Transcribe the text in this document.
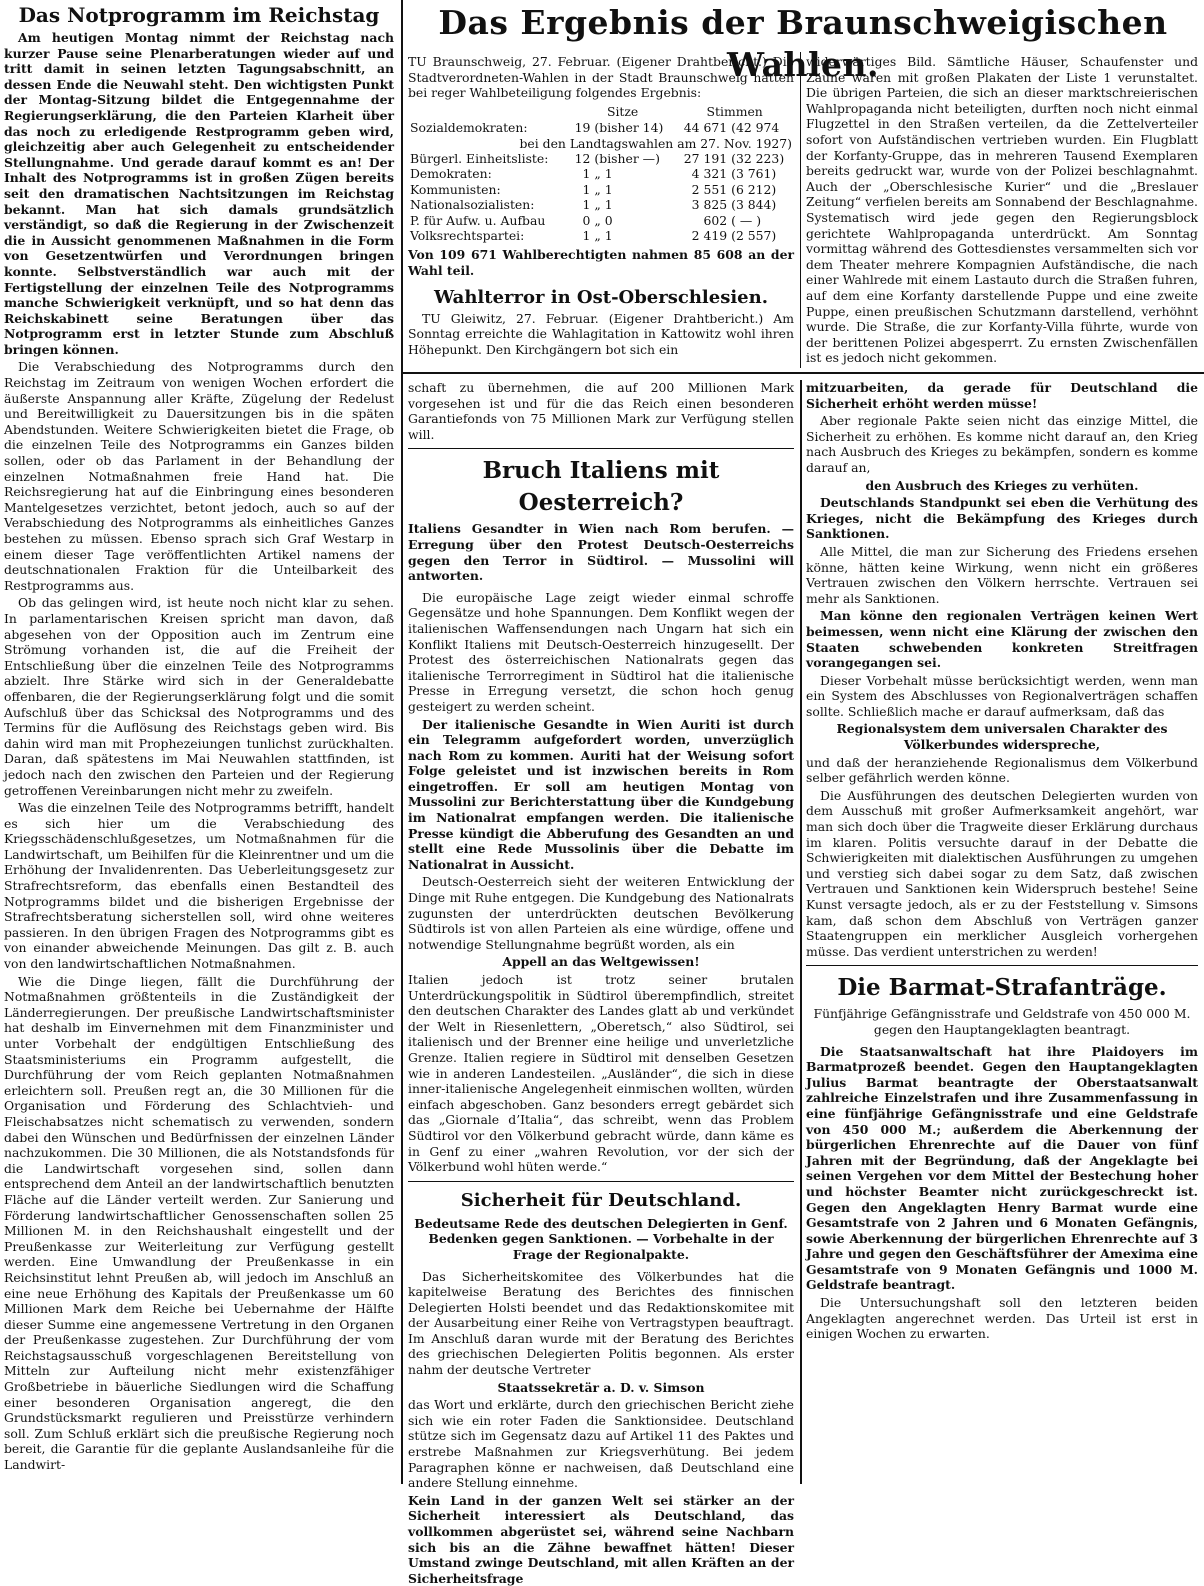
Das Notprogramm im Reichstag

Am heutigen Montag nimmt der Reichstag nach kurzer Pause seine Plenarberatungen wieder auf und tritt damit in seinen letzten Tagungsabschnitt, an dessen Ende die Neuwahl steht. Den wichtigsten Punkt der Montag-Sitzung bildet die Entgegennahme der Regierungserklärung, die den Parteien Klarheit über das noch zu erledigende Restprogramm geben wird, gleichzeitig aber auch Gelegenheit zu entscheidender Stellungnahme. Und gerade darauf kommt es an! Der Inhalt des Notprogramms ist in großen Zügen bereits seit den dramatischen Nachtsitzungen im Reichstag bekannt. Man hat sich damals grundsätzlich verständigt, so daß die Regierung in der Zwischenzeit die in Aussicht genommenen Maßnahmen in die Form von Gesetzentwürfen und Verordnungen bringen konnte. Selbstverständlich war auch mit der Fertigstellung der einzelnen Teile des Notprogramms manche Schwierigkeit verknüpft, und so hat denn das Reichskabinett seine Beratungen über das Notprogramm erst in letzter Stunde zum Abschluß bringen können.

Die Verabschiedung des Notprogramms durch den Reichstag im Zeitraum von wenigen Wochen erfordert die äußerste Anspannung aller Kräfte, Zügelung der Redelust und Bereitwilligkeit zu Dauersitzungen bis in die späten Abendstunden. Weitere Schwierigkeiten bietet die Frage, ob die einzelnen Teile des Notprogramms ein Ganzes bilden sollen, oder ob das Parlament in der Behandlung der einzelnen Notmaßnahmen freie Hand hat. Die Reichsregierung hat auf die Einbringung eines besonderen Mantelgesetzes verzichtet, betont jedoch, auch so auf der Verabschiedung des Notprogramms als einheitliches Ganzes bestehen zu müssen. Ebenso sprach sich Graf Westarp in einem dieser Tage veröffentlichten Artikel namens der deutschnationalen Fraktion für die Unteilbarkeit des Restprogramms aus.

Ob das gelingen wird, ist heute noch nicht klar zu sehen. In parlamentarischen Kreisen spricht man davon, daß abgesehen von der Opposition auch im Zentrum eine Strömung vorhanden ist, die auf die Freiheit der Entschließung über die einzelnen Teile des Notprogramms abzielt. Ihre Stärke wird sich in der Generaldebatte offenbaren, die der Regierungserklärung folgt und die somit Aufschluß über das Schicksal des Notprogramms und des Termins für die Auflösung des Reichstags geben wird. Bis dahin wird man mit Prophezeiungen tunlichst zurückhalten. Daran, daß spätestens im Mai Neuwahlen stattfinden, ist jedoch nach den zwischen den Parteien und der Regierung getroffenen Vereinbarungen nicht mehr zu zweifeln.

Was die einzelnen Teile des Notprogramms betrifft, handelt es sich hier um die Verabschiedung des Kriegsschädenschlußgesetzes, um Notmaßnahmen für die Landwirtschaft, um Beihilfen für die Kleinrentner und um die Erhöhung der Invalidenrenten. Das Ueberleitungsgesetz zur Strafrechtsreform, das ebenfalls einen Bestandteil des Notprogramms bildet und die bisherigen Ergebnisse der Strafrechtsberatung sicherstellen soll, wird ohne weiteres passieren. In den übrigen Fragen des Notprogramms gibt es von einander abweichende Meinungen. Das gilt z. B. auch von den landwirtschaftlichen Notmaßnahmen.

Wie die Dinge liegen, fällt die Durchführung der Notmaßnahmen größtenteils in die Zuständigkeit der Länderregierungen. Der preußische Landwirtschaftsminister hat deshalb im Einvernehmen mit dem Finanzminister und unter Vorbehalt der endgültigen Entschließung des Staatsministeriums ein Programm aufgestellt, die Durchführung der vom Reich geplanten Notmaßnahmen erleichtern soll. Preußen regt an, die 30 Millionen für die Organisation und Förderung des Schlachtvieh- und Fleischabsatzes nicht schematisch zu verwenden, sondern dabei den Wünschen und Bedürfnissen der einzelnen Länder nachzukommen. Die 30 Millionen, die als Notstandsfonds für die Landwirtschaft vorgesehen sind, sollen dann entsprechend dem Anteil an der landwirtschaftlich benutzten Fläche auf die Länder verteilt werden. Zur Sanierung und Förderung landwirtschaftlicher Genossenschaften sollen 25 Millionen M. in den Reichshaushalt eingestellt und der Preußenkasse zur Weiterleitung zur Verfügung gestellt werden. Eine Umwandlung der Preußenkasse in ein Reichsinstitut lehnt Preußen ab, will jedoch im Anschluß an eine neue Erhöhung des Kapitals der Preußenkasse um 60 Millionen Mark dem Reiche bei Uebernahme der Hälfte dieser Summe eine angemessene Vertretung in den Organen der Preußenkasse zugestehen. Zur Durchführung der vom Reichstagsausschuß vorgeschlagenen Bereitstellung von Mitteln zur Aufteilung nicht mehr existenzfähiger Großbetriebe in bäuerliche Siedlungen wird die Schaffung einer besonderen Organisation angeregt, die den Grundstücksmarkt regulieren und Preisstürze verhindern soll. Zum Schluß erklärt sich die preußische Regierung noch bereit, die Garantie für die geplante Auslandsanleihe für die Landwirt-

Das Ergebnis der Braunschweigischen Wahlen.

TU Braunschweig, 27. Februar. (Eigener Drahtbericht.) Die Stadtverordneten-Wahlen in der Stadt Braunschweig hatten bei reger Wahlbeteiligung folgendes Ergebnis:

	Sitze		Stimmen	
Sozialdemokraten:	19	(bisher 14)	44 671	(42 974
bei den Landtagswahlen am 27. Nov. 1927)				
Bürgerl. Einheitsliste:	12	(bisher —)	27 191	(32 223)
Demokraten:	1	„ 1	4 321	(3 761)
Kommunisten:	1	„ 1	2 551	(6 212)
Nationalsozialisten:	1	„ 1	3 825	(3 844)
P. für Aufw. u. Aufbau	0	„ 0	602	( — )
Volksrechtspartei:	1	„ 1	2 419	(2 557)

Von 109 671 Wahlberechtigten nahmen 85 608 an der Wahl teil.

Wahlterror in Ost-Oberschlesien.

TU Gleiwitz, 27. Februar. (Eigener Drahtbericht.) Am Sonntag erreichte die Wahlagitation in Kattowitz wohl ihren Höhepunkt. Den Kirchgängern bot sich ein

widerwärtiges Bild. Sämtliche Häuser, Schaufenster und Zäune waren mit großen Plakaten der Liste 1 verunstaltet. Die übrigen Parteien, die sich an dieser marktschreierischen Wahlpropaganda nicht beteiligten, durften noch nicht einmal Flugzettel in den Straßen verteilen, da die Zettelverteiler sofort von Aufständischen vertrieben wurden. Ein Flugblatt der Korfanty-Gruppe, das in mehreren Tausend Exemplaren bereits gedruckt war, wurde von der Polizei beschlagnahmt. Auch der „Oberschlesische Kurier“ und die „Breslauer Zeitung“ verfielen bereits am Sonnabend der Beschlagnahme. Systematisch wird jede gegen den Regierungsblock gerichtete Wahlpropaganda unterdrückt. Am Sonntag vormittag während des Gottesdienstes versammelten sich vor dem Theater mehrere Kompagnien Aufständische, die nach einer Wahlrede mit einem Lastauto durch die Straßen fuhren, auf dem eine Korfanty darstellende Puppe und eine zweite Puppe, einen preußischen Schutzmann darstellend, verhöhnt wurde. Die Straße, die zur Korfanty-Villa führte, wurde von der berittenen Polizei abgesperrt. Zu ernsten Zwischenfällen ist es jedoch nicht gekommen.

schaft zu übernehmen, die auf 200 Millionen Mark vorgesehen ist und für die das Reich einen besonderen Garantiefonds von 75 Millionen Mark zur Verfügung stellen will.

Bruch Italiens mit Oesterreich?
Italiens Gesandter in Wien nach Rom berufen. — Erregung über den Protest Deutsch-Oesterreichs gegen den Terror in Südtirol. — Mussolini will antworten.

Die europäische Lage zeigt wieder einmal schroffe Gegensätze und hohe Spannungen. Dem Konflikt wegen der italienischen Waffensendungen nach Ungarn hat sich ein Konflikt Italiens mit Deutsch-Oesterreich hinzugesellt. Der Protest des österreichischen Nationalrats gegen das italienische Terrorregiment in Südtirol hat die italienische Presse in Erregung versetzt, die schon hoch genug gesteigert zu werden scheint.

Der italienische Gesandte in Wien Auriti ist durch ein Telegramm aufgefordert worden, unverzüglich nach Rom zu kommen. Auriti hat der Weisung sofort Folge geleistet und ist inzwischen bereits in Rom eingetroffen. Er soll am heutigen Montag von Mussolini zur Berichterstattung über die Kundgebung im Nationalrat empfangen werden. Die italienische Presse kündigt die Abberufung des Gesandten an und stellt eine Rede Mussolinis über die Debatte im Nationalrat in Aussicht.

Deutsch-Oesterreich sieht der weiteren Entwicklung der Dinge mit Ruhe entgegen. Die Kundgebung des Nationalrats zugunsten der unterdrückten deutschen Bevölkerung Südtirols ist von allen Parteien als eine würdige, offene und notwendige Stellungnahme begrüßt worden, als ein

Appell an das Weltgewissen!

Italien jedoch ist trotz seiner brutalen Unterdrückungspolitik in Südtirol überempfindlich, streitet den deutschen Charakter des Landes glatt ab und verkündet der Welt in Riesenlettern, „Oberetsch,“ also Südtirol, sei italienisch und der Brenner eine heilige und unverletzliche Grenze. Italien regiere in Südtirol mit denselben Gesetzen wie in anderen Landesteilen. „Ausländer“, die sich in diese inner-italienische Angelegenheit einmischen wollten, würden einfach abgeschoben. Ganz besonders erregt gebärdet sich das „Giornale d’Italia“, das schreibt, wenn das Problem Südtirol vor den Völkerbund gebracht würde, dann käme es in Genf zu einer „wahren Revolution, vor der sich der Völkerbund wohl hüten werde.“

Sicherheit für Deutschland.
Bedeutsame Rede des deutschen Delegierten in Genf. Bedenken gegen Sanktionen. — Vorbehalte in der Frage der Regionalpakte.

Das Sicherheitskomitee des Völkerbundes hat die kapitelweise Beratung des Berichtes des finnischen Delegierten Holsti beendet und das Redaktionskomitee mit der Ausarbeitung einer Reihe von Vertragstypen beauftragt. Im Anschluß daran wurde mit der Beratung des Berichtes des griechischen Delegierten Politis begonnen. Als erster nahm der deutsche Vertreter

Staatssekretär a. D. v. Simson

das Wort und erklärte, durch den griechischen Bericht ziehe sich wie ein roter Faden die Sanktionsidee. Deutschland stütze sich im Gegensatz dazu auf Artikel 11 des Paktes und erstrebe Maßnahmen zur Kriegsverhütung. Bei jedem Paragraphen könne er nachweisen, daß Deutschland eine andere Stellung einnehme.

Kein Land in der ganzen Welt sei stärker an der Sicherheit interessiert als Deutschland, das vollkommen abgerüstet sei, während seine Nachbarn sich bis an die Zähne bewaffnet hätten! Dieser Umstand zwinge Deutschland, mit allen Kräften an der Sicherheitsfrage

mitzuarbeiten, da gerade für Deutschland die Sicherheit erhöht werden müsse!

Aber regionale Pakte seien nicht das einzige Mittel, die Sicherheit zu erhöhen. Es komme nicht darauf an, den Krieg nach Ausbruch des Krieges zu bekämpfen, sondern es komme darauf an,

den Ausbruch des Krieges zu verhüten.

Deutschlands Standpunkt sei eben die Verhütung des Krieges, nicht die Bekämpfung des Krieges durch Sanktionen.

Alle Mittel, die man zur Sicherung des Friedens ersehen könne, hätten keine Wirkung, wenn nicht ein größeres Vertrauen zwischen den Völkern herrschte. Vertrauen sei mehr als Sanktionen.

Man könne den regionalen Verträgen keinen Wert beimessen, wenn nicht eine Klärung der zwischen den Staaten schwebenden konkreten Streitfragen vorangegangen sei.

Dieser Vorbehalt müsse berücksichtigt werden, wenn man ein System des Abschlusses von Regionalverträgen schaffen sollte. Schließlich mache er darauf aufmerksam, daß das

Regionalsystem dem universalen Charakter des Völkerbundes widerspreche,

und daß der heranziehende Regionalismus dem Völkerbund selber gefährlich werden könne.

Die Ausführungen des deutschen Delegierten wurden von dem Ausschuß mit großer Aufmerksamkeit angehört, war man sich doch über die Tragweite dieser Erklärung durchaus im klaren. Politis versuchte darauf in der Debatte die Schwierigkeiten mit dialektischen Ausführungen zu umgehen und verstieg sich dabei sogar zu dem Satz, daß zwischen Vertrauen und Sanktionen kein Widerspruch bestehe! Seine Kunst versagte jedoch, als er zu der Feststellung v. Simsons kam, daß schon dem Abschluß von Verträgen ganzer Staatengruppen ein merklicher Ausgleich vorhergehen müsse. Das verdient unterstrichen zu werden!

Die Barmat-Strafanträge.
Fünfjährige Gefängnisstrafe und Geldstrafe von 450 000 M. gegen den Hauptangeklagten beantragt.

Die Staatsanwaltschaft hat ihre Plaidoyers im Barmatprozeß beendet. Gegen den Hauptangeklagten Julius Barmat beantragte der Oberstaatsanwalt zahlreiche Einzelstrafen und ihre Zusammenfassung in eine fünfjährige Gefängnisstrafe und eine Geldstrafe von 450 000 M.; außerdem die Aberkennung der bürgerlichen Ehrenrechte auf die Dauer von fünf Jahren mit der Begründung, daß der Angeklagte bei seinen Vergehen vor dem Mittel der Bestechung hoher und höchster Beamter nicht zurückgeschreckt ist. Gegen den Angeklagten Henry Barmat wurde eine Gesamtstrafe von 2 Jahren und 6 Monaten Gefängnis, sowie Aberkennung der bürgerlichen Ehrenrechte auf 3 Jahre und gegen den Geschäftsführer der Amexima eine Gesamtstrafe von 9 Monaten Gefängnis und 1000 M. Geldstrafe beantragt.

Die Untersuchungshaft soll den letzteren beiden Angeklagten angerechnet werden. Das Urteil ist erst in einigen Wochen zu erwarten.
